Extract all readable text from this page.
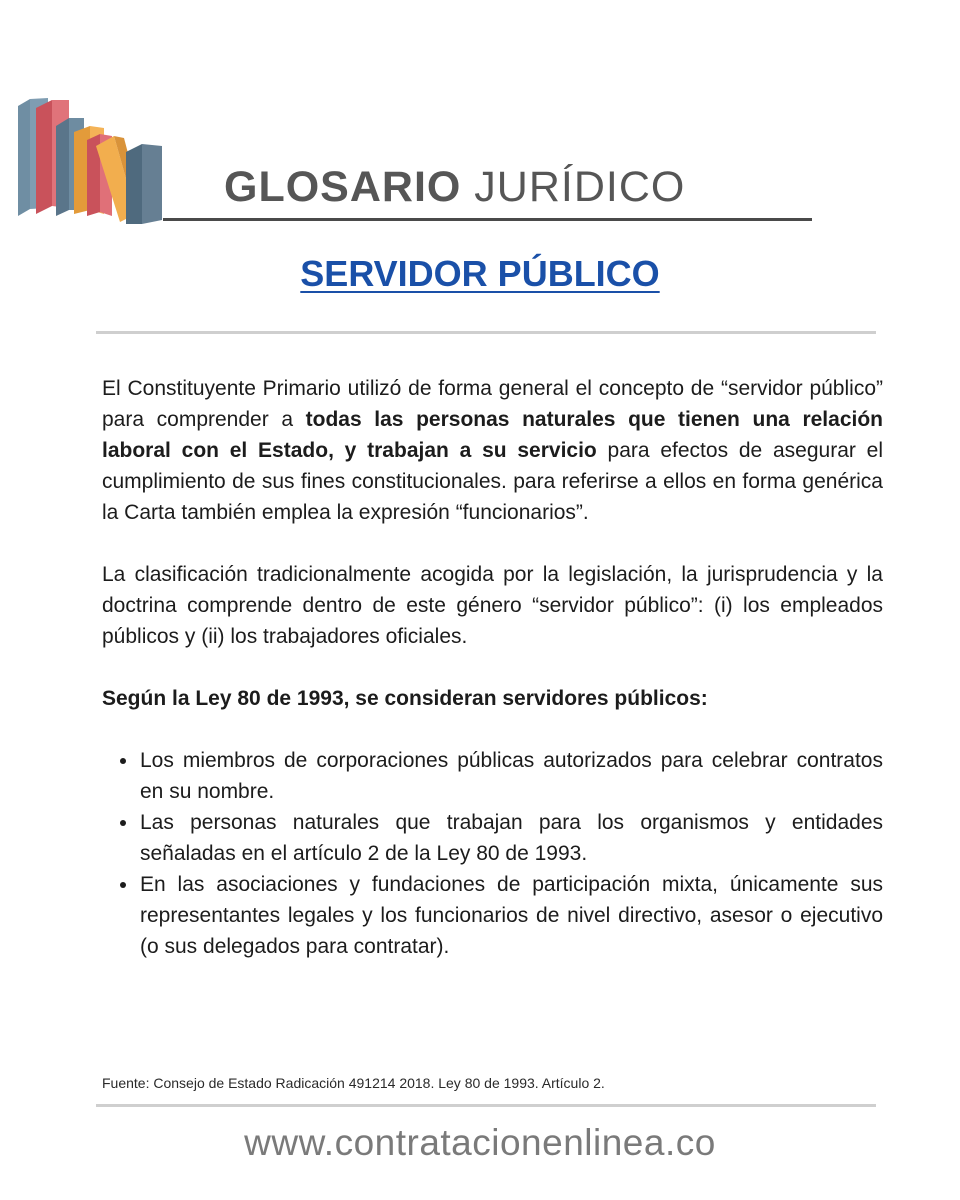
GLOSARIO JURÍDICO
SERVIDOR PÚBLICO

El Constituyente Primario utilizó de forma general el concepto de “servidor público” para comprender a todas las personas naturales que tienen una relación laboral con el Estado, y trabajan a su servicio para efectos de asegurar el cumplimiento de sus fines constitucionales. para referirse a ellos en forma genérica la Carta también emplea la expresión “funcionarios”.

La clasificación tradicionalmente acogida por la legislación, la jurisprudencia y la doctrina comprende dentro de este género “servidor público”: (i) los empleados públicos y (ii) los trabajadores oficiales.

Según la Ley 80 de 1993, se consideran servidores públicos:

Los miembros de corporaciones públicas autorizados para celebrar contratos en su nombre.
Las personas naturales que trabajan para los organismos y entidades señaladas en el artículo 2 de la Ley 80 de 1993.
En las asociaciones y fundaciones de participación mixta, únicamente sus representantes legales y los funcionarios de nivel directivo, asesor o ejecutivo (o sus delegados para contratar).
Fuente: Consejo de Estado Radicación 491214 2018. Ley 80 de 1993. Artículo 2.
www.contratacionenlinea.co
